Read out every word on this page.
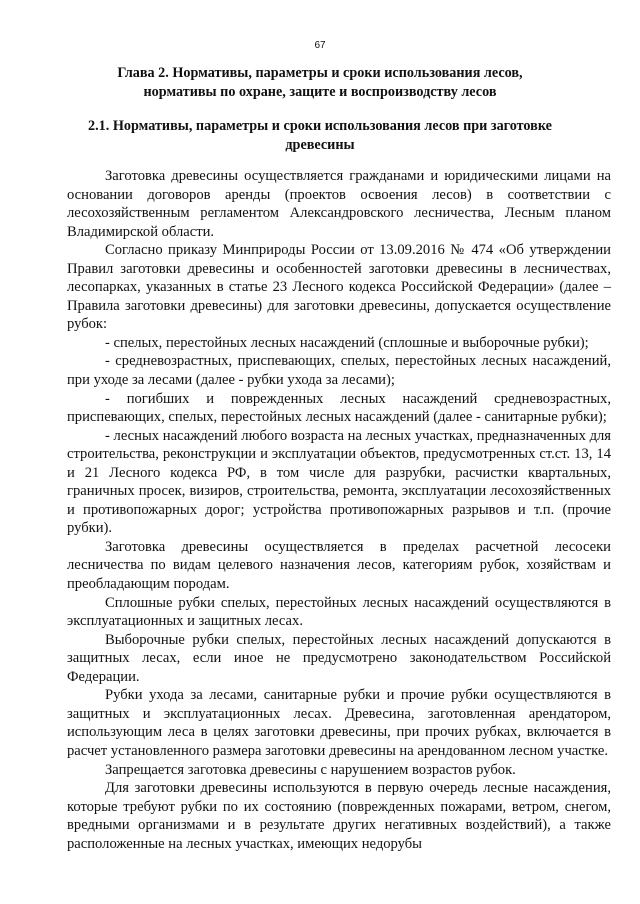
67
Глава 2. Нормативы, параметры и сроки использования лесов,
нормативы по охране, защите и воспроизводству лесов
2.1. Нормативы, параметры и сроки использования лесов при заготовке
древесины

Заготовка древесины осуществляется гражданами и юридическими лицами на основании договоров аренды (проектов освоения лесов) в соответствии с лесохозяйственным регламентом Александровского лесничества, Лесным планом Владимирской области.

Согласно приказу Минприроды России от 13.09.2016 № 474 «Об утверждении Правил заготовки древесины и особенностей заготовки древесины в лесничествах, лесопарках, указанных в статье 23 Лесного кодекса Российской Федерации» (далее – Правила заготовки древесины) для заготовки древесины, допускается осуществление рубок:

- спелых, перестойных лесных насаждений (сплошные и выборочные рубки);

- средневозрастных, приспевающих, спелых, перестойных лесных насаждений, при уходе за лесами (далее - рубки ухода за лесами);

- погибших и поврежденных лесных насаждений средневозрастных, приспевающих, спелых, перестойных лесных насаждений (далее - санитарные рубки);

- лесных насаждений любого возраста на лесных участках, предназначенных для строительства, реконструкции и эксплуатации объектов, предусмотренных ст.ст. 13, 14 и 21 Лесного кодекса РФ, в том числе для разрубки, расчистки квартальных, граничных просек, визиров, строительства, ремонта, эксплуатации лесохозяйственных и противопожарных дорог; устройства противопожарных разрывов и т.п. (прочие рубки).

Заготовка древесины осуществляется в пределах расчетной лесосеки лесничества по видам целевого назначения лесов, категориям рубок, хозяйствам и преобладающим породам.

Сплошные рубки спелых, перестойных лесных насаждений осуществляются в эксплуатационных и защитных лесах.

Выборочные рубки спелых, перестойных лесных насаждений допускаются в защитных лесах, если иное не предусмотрено законодательством Российской Федерации.

Рубки ухода за лесами, санитарные рубки и прочие рубки осуществляются в защитных и эксплуатационных лесах. Древесина, заготовленная арендатором, использующим леса в целях заготовки древесины, при прочих рубках, включается в расчет установленного размера заготовки древесины на арендованном лесном участке.

Запрещается заготовка древесины с нарушением возрастов рубок.

Для заготовки древесины используются в первую очередь лесные насаждения, которые требуют рубки по их состоянию (поврежденных пожарами, ветром, снегом, вредными организмами и в результате других негативных воздействий), а также расположенные на лесных участках, имеющих недорубы
